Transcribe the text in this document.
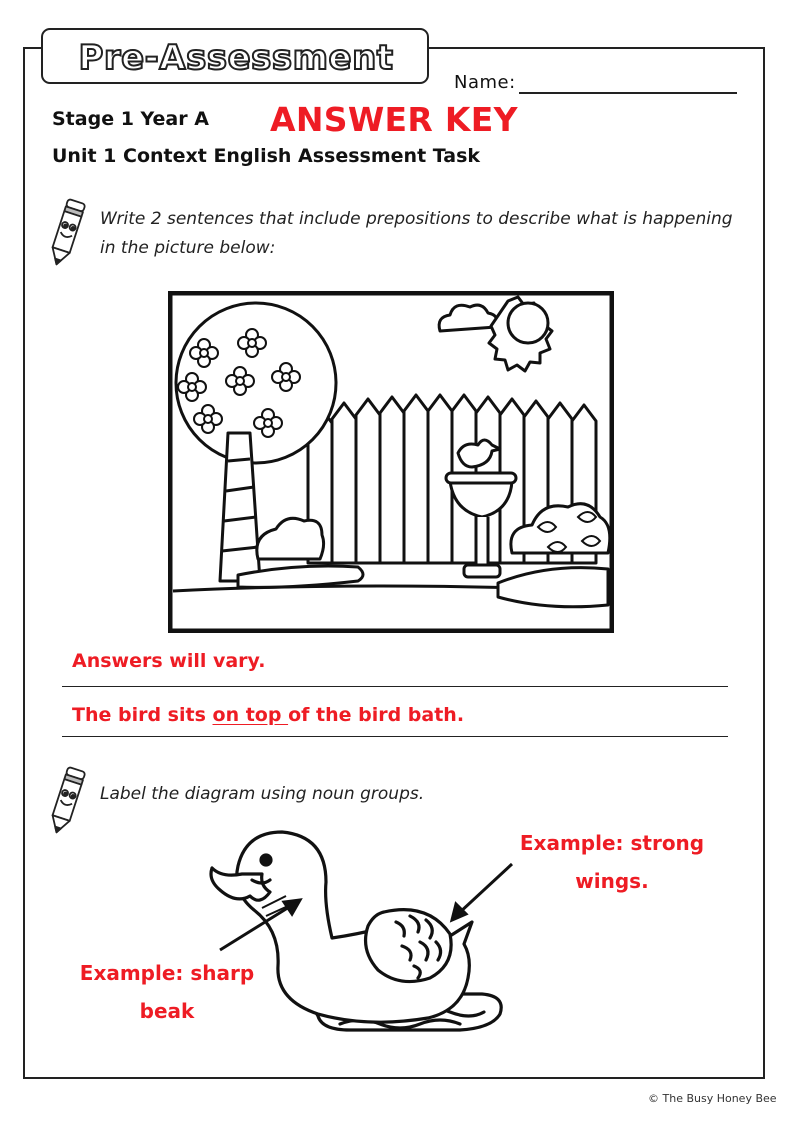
Pre-Assessment
Name:
Stage 1 Year A ANSWER KEY
Unit 1 Context English Assessment Task
Write 2 sentences that include prepositions to describe what is happening
in the picture below:
Answers will vary.
The bird sits on top of the bird bath.
Label the diagram using noun groups.
Example: strong
wings.
Example: sharp
beak
© The Busy Honey Bee
